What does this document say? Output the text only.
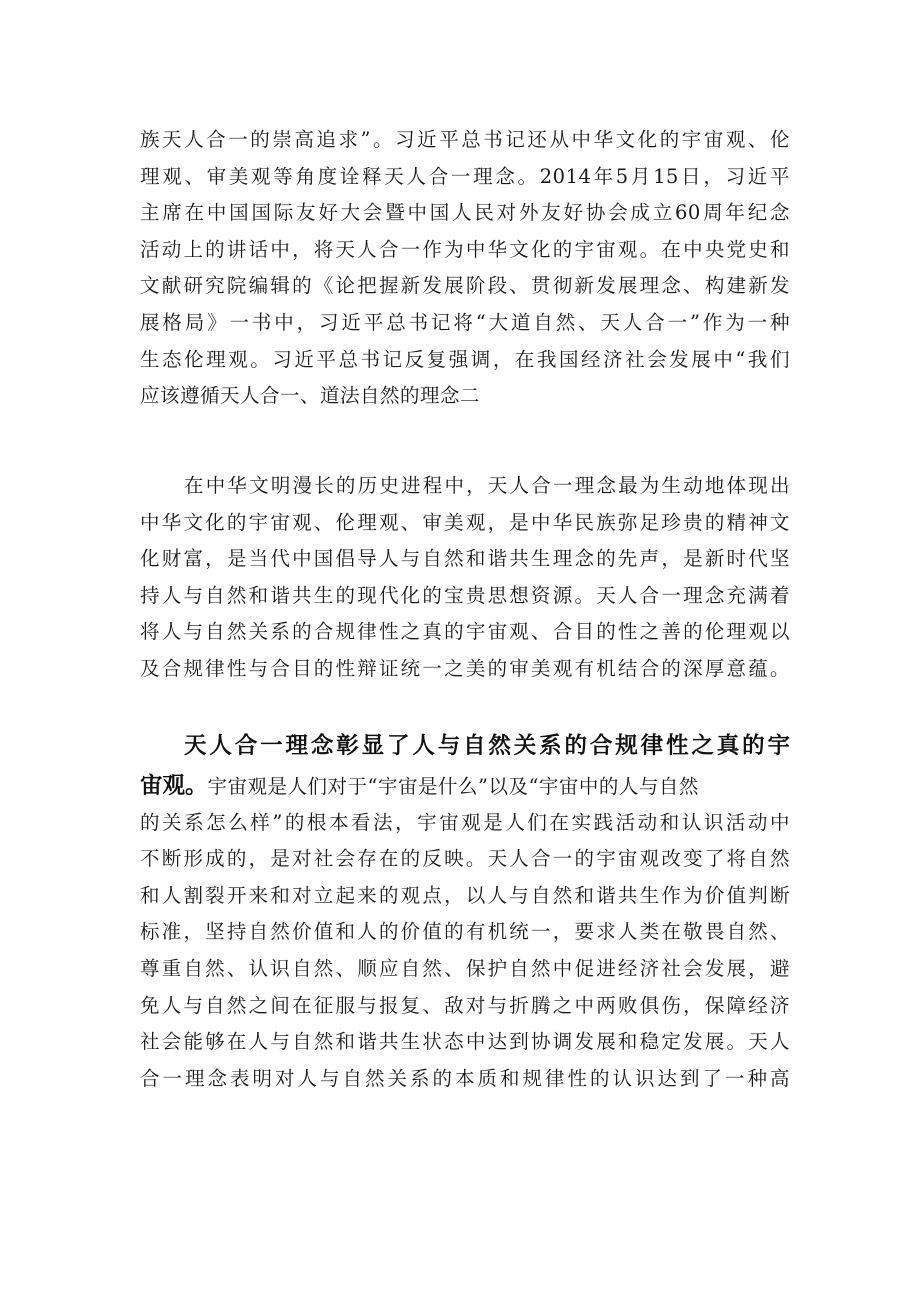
族天人合一的崇高追求”。习近平总书记还从中华文化的宇宙观、伦
理观、审美观等角度诠释天人合一理念。2014年5月15日，习近平
主席在中国国际友好大会暨中国人民对外友好协会成立60周年纪念
活动上的讲话中，将天人合一作为中华文化的宇宙观。在中央党史和
文献研究院编辑的《论把握新发展阶段、贯彻新发展理念、构建新发
展格局》一书中，习近平总书记将“大道自然、天人合一”作为一种
生态伦理观。习近平总书记反复强调，在我国经济社会发展中“我们
应该遵循天人合一、道法自然的理念二
在中华文明漫长的历史进程中，天人合一理念最为生动地体现出
中华文化的宇宙观、伦理观、审美观，是中华民族弥足珍贵的精神文
化财富，是当代中国倡导人与自然和谐共生理念的先声，是新时代坚
持人与自然和谐共生的现代化的宝贵思想资源。天人合一理念充满着
将人与自然关系的合规律性之真的宇宙观、合目的性之善的伦理观以
及合规律性与合目的性辩证统一之美的审美观有机结合的深厚意蕴。
天人合一理念彰显了人与自然关系的合规律性之真的宇
宙观。宇宙观是人们对于“宇宙是什么”以及“宇宙中的人与自然
的关系怎么样”的根本看法，宇宙观是人们在实践活动和认识活动中
不断形成的，是对社会存在的反映。天人合一的宇宙观改变了将自然
和人割裂开来和对立起来的观点，以人与自然和谐共生作为价值判断
标准，坚持自然价值和人的价值的有机统一，要求人类在敬畏自然、
尊重自然、认识自然、顺应自然、保护自然中促进经济社会发展，避
免人与自然之间在征服与报复、敌对与折腾之中两败俱伤，保障经济
社会能够在人与自然和谐共生状态中达到协调发展和稳定发展。天人
合一理念表明对人与自然关系的本质和规律性的认识达到了一种高
